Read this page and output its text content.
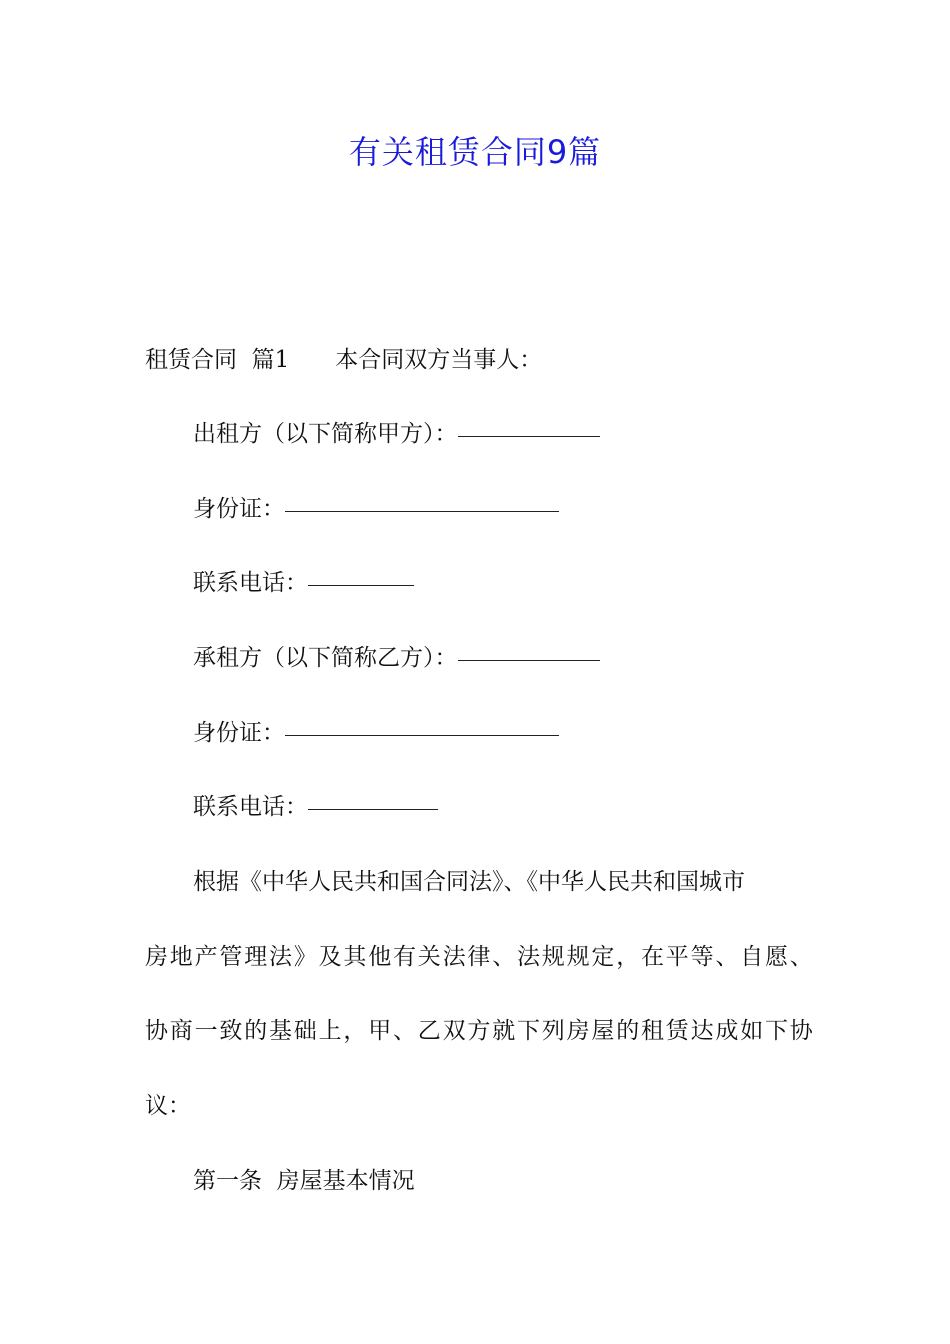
有关租赁合同9篇
租赁合同  篇1 本合同双方当事人：
出租方（以下简称甲方）：
身份证：
联系电话：
承租方（以下简称乙方）：
身份证：
联系电话：
根据《中华人民共和国合同法》、《中华人民共和国城市
房地产管理法》及其他有关法律、法规规定，在平等、自愿、
协商一致的基础上，甲、乙双方就下列房屋的租赁达成如下协
议：
第一条  房屋基本情况
